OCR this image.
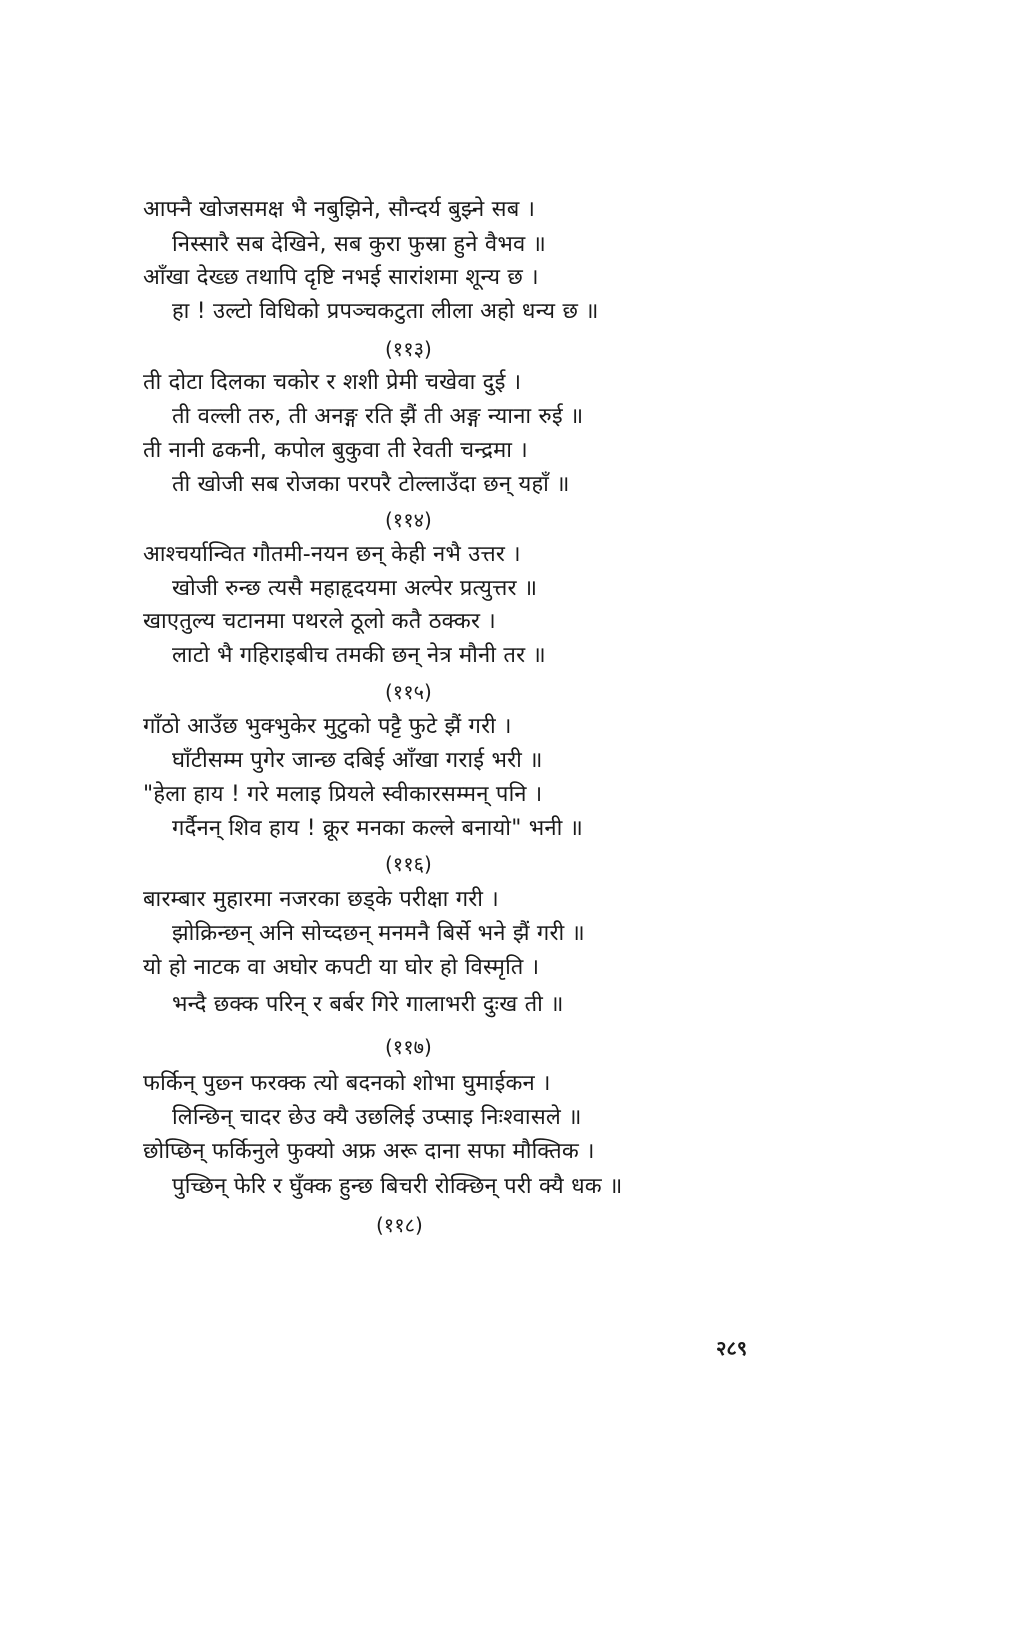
आफ्नै खोजसमक्ष भै नबुझिने, सौन्दर्य बुझ्ने सब ।
निस्सारै सब देखिने, सब कुरा फुस्रा हुने वैभव ॥
आँखा देख्छ तथापि दृष्टि नभई सारांशमा शून्य छ ।
हा ! उल्टो विधिको प्रपञ्चकटुता लीला अहो धन्य छ ॥
(११३)
ती दोटा दिलका चकोर र शशी प्रेमी चखेवा दुई ।
ती वल्ली तरु, ती अनङ्ग रति झैं ती अङ्ग न्याना रुई ॥
ती नानी ढकनी, कपोल बुकुवा ती रेवती चन्द्रमा ।
ती खोजी सब रोजका परपरै टोल्लाउँदा छन् यहाँ ॥
(११४)
आश्चर्यान्वित गौतमी-नयन छन् केही नभै उत्तर ।
खोजी रुन्छ त्यसै महाहृदयमा अल्पेर प्रत्युत्तर ॥
खाएतुल्य चटानमा पथरले ठूलो कतै ठक्कर ।
लाटो भै गहिराइबीच तमकी छन् नेत्र मौनी तर ॥
(११५)
गाँठो आउँछ भुक्भुकेर मुटुको पट्टै फुटे झैं गरी ।
घाँटीसम्म पुगेर जान्छ दबिई आँखा गराई भरी ॥
"हेला हाय ! गरे मलाइ प्रियले स्वीकारसम्मन् पनि ।
गर्दैनन् शिव हाय ! क्रूर मनका कल्ले बनायो" भनी ॥
(११६)
बारम्बार मुहारमा नजरका छड्के परीक्षा गरी ।
झोक्रिन्छन् अनि सोच्दछन् मनमनै बिर्से भने झैं गरी ॥
यो हो नाटक वा अघोर कपटी या घोर हो विस्मृति ।
भन्दै छक्क परिन् र बर्बर गिरे गालाभरी दुःख ती ॥
(११७)
फर्किन् पुछ्न फरक्क त्यो बदनको शोभा घुमाईकन ।
लिन्छिन् चादर छेउ क्यै उछलिई उप्साइ निःश्वासले ॥
छोप्छिन् फर्किनुले फुक्यो अफ्र अरू दाना सफा मौक्तिक ।
पुच्छिन् फेरि र घुँक्क हुन्छ बिचरी रोक्छिन् परी क्यै धक ॥
(११८)
२८९
